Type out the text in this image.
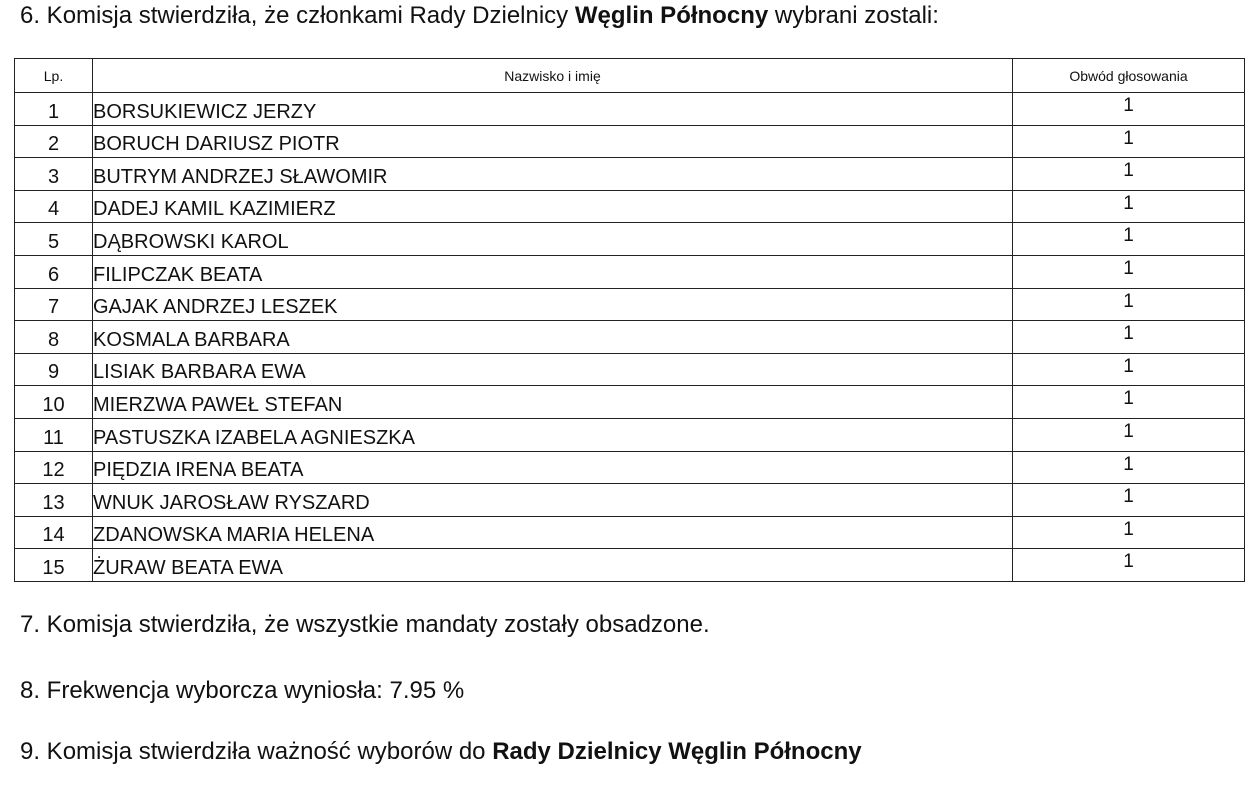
6. Komisja stwierdziła, że członkami Rady Dzielnicy Węglin Północny wybrani zostali:
Lp.	Nazwisko i imię	Obwód głosowania
1	BORSUKIEWICZ JERZY	1
2	BORUCH DARIUSZ PIOTR	1
3	BUTRYM ANDRZEJ SŁAWOMIR	1
4	DADEJ KAMIL KAZIMIERZ	1
5	DĄBROWSKI KAROL	1
6	FILIPCZAK BEATA	1
7	GAJAK ANDRZEJ LESZEK	1
8	KOSMALA BARBARA	1
9	LISIAK BARBARA EWA	1
10	MIERZWA PAWEŁ STEFAN	1
11	PASTUSZKA IZABELA AGNIESZKA	1
12	PIĘDZIA IRENA BEATA	1
13	WNUK JAROSŁAW RYSZARD	1
14	ZDANOWSKA MARIA HELENA	1
15	ŻURAW BEATA EWA	1
7. Komisja stwierdziła, że wszystkie mandaty zostały obsadzone.
8. Frekwencja wyborcza wyniosła: 7.95 %
9. Komisja stwierdziła ważność wyborów do Rady Dzielnicy Węglin Północny
